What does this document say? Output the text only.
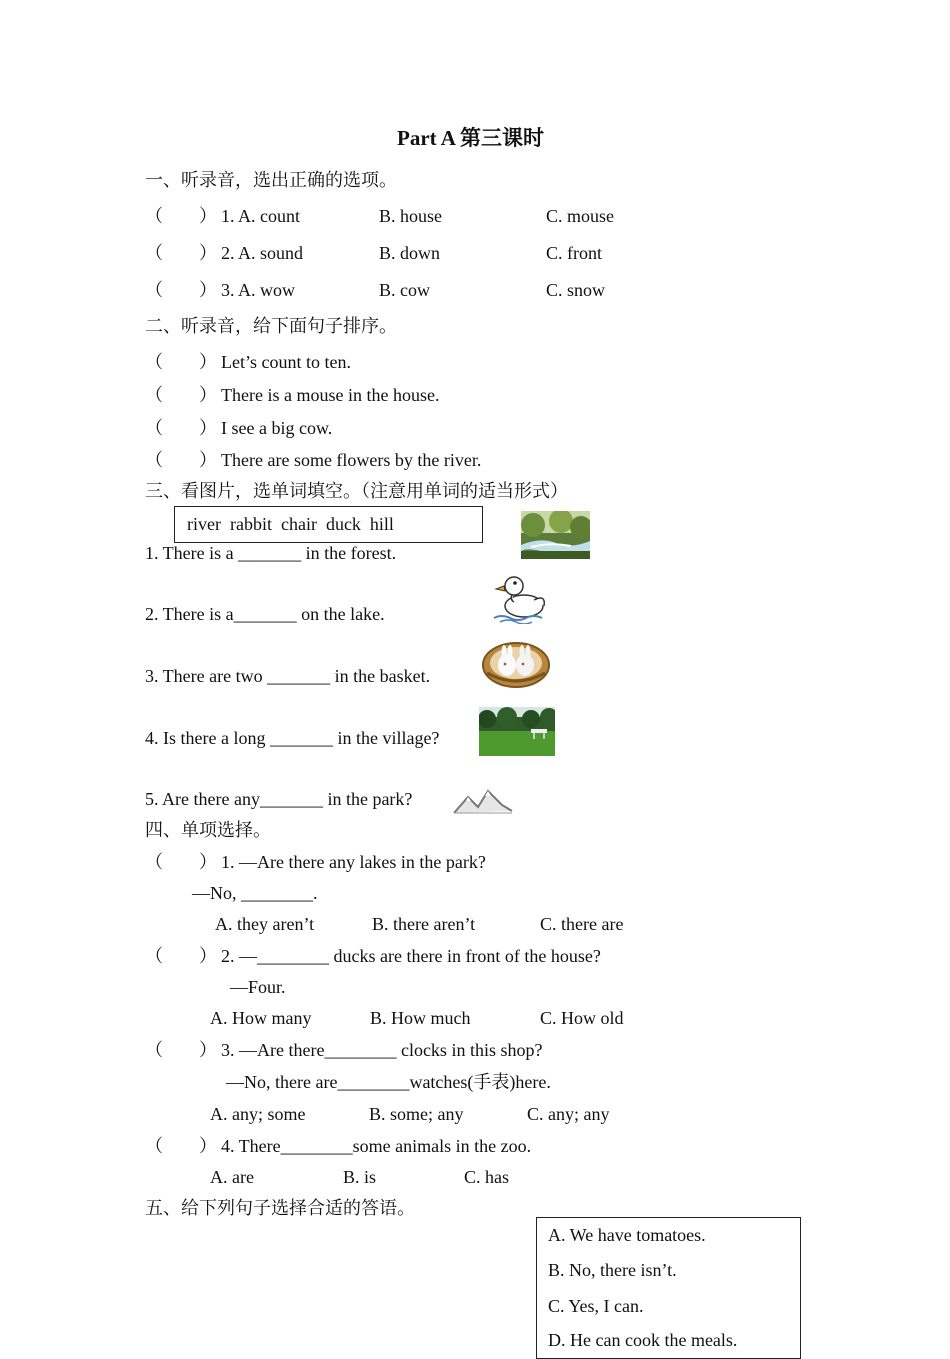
Part A 第三课时
一、听录音，选出正确的选项。
（　　） 1. A. count	B. house	C. mouse
（　　） 2. A. sound	B. down	C. front
（　　） 3. A. wow	B. cow	C. snow
二、听录音，给下面句子排序。
（　　） Let’s count to ten.
（　　） There is a mouse in the house.
（　　） I see a big cow.
（　　） There are some flowers by the river.
三、看图片，选单词填空。（注意用单词的适当形式）
river  rabbit  chair  duck  hill
1. There is a _______ in the forest.
2. There is a_______ on the lake.
3. There are two _______ in the basket.
4. Is there a long _______ in the village?
5. Are there any_______ in the park?
四、单项选择。
（　　） 1. —Are there any lakes in the park?
—No, ________.
A. they aren’t	B. there aren’t	C. there are
（　　） 2. —________ ducks are there in front of the house?
—Four.
A. How many	B. How much	C. How old
（　　） 3. —Are there________ clocks in this shop?
—No, there are________watches(手表)here.
A. any; some	B. some; any	C. any; any
（　　） 4. There________some animals in the zoo.
A. are	B. is	C. has
五、给下列句子选择合适的答语。
A. We have tomatoes.
B. No, there isn’t.
C. Yes, I can.
D. He can cook the meals.
